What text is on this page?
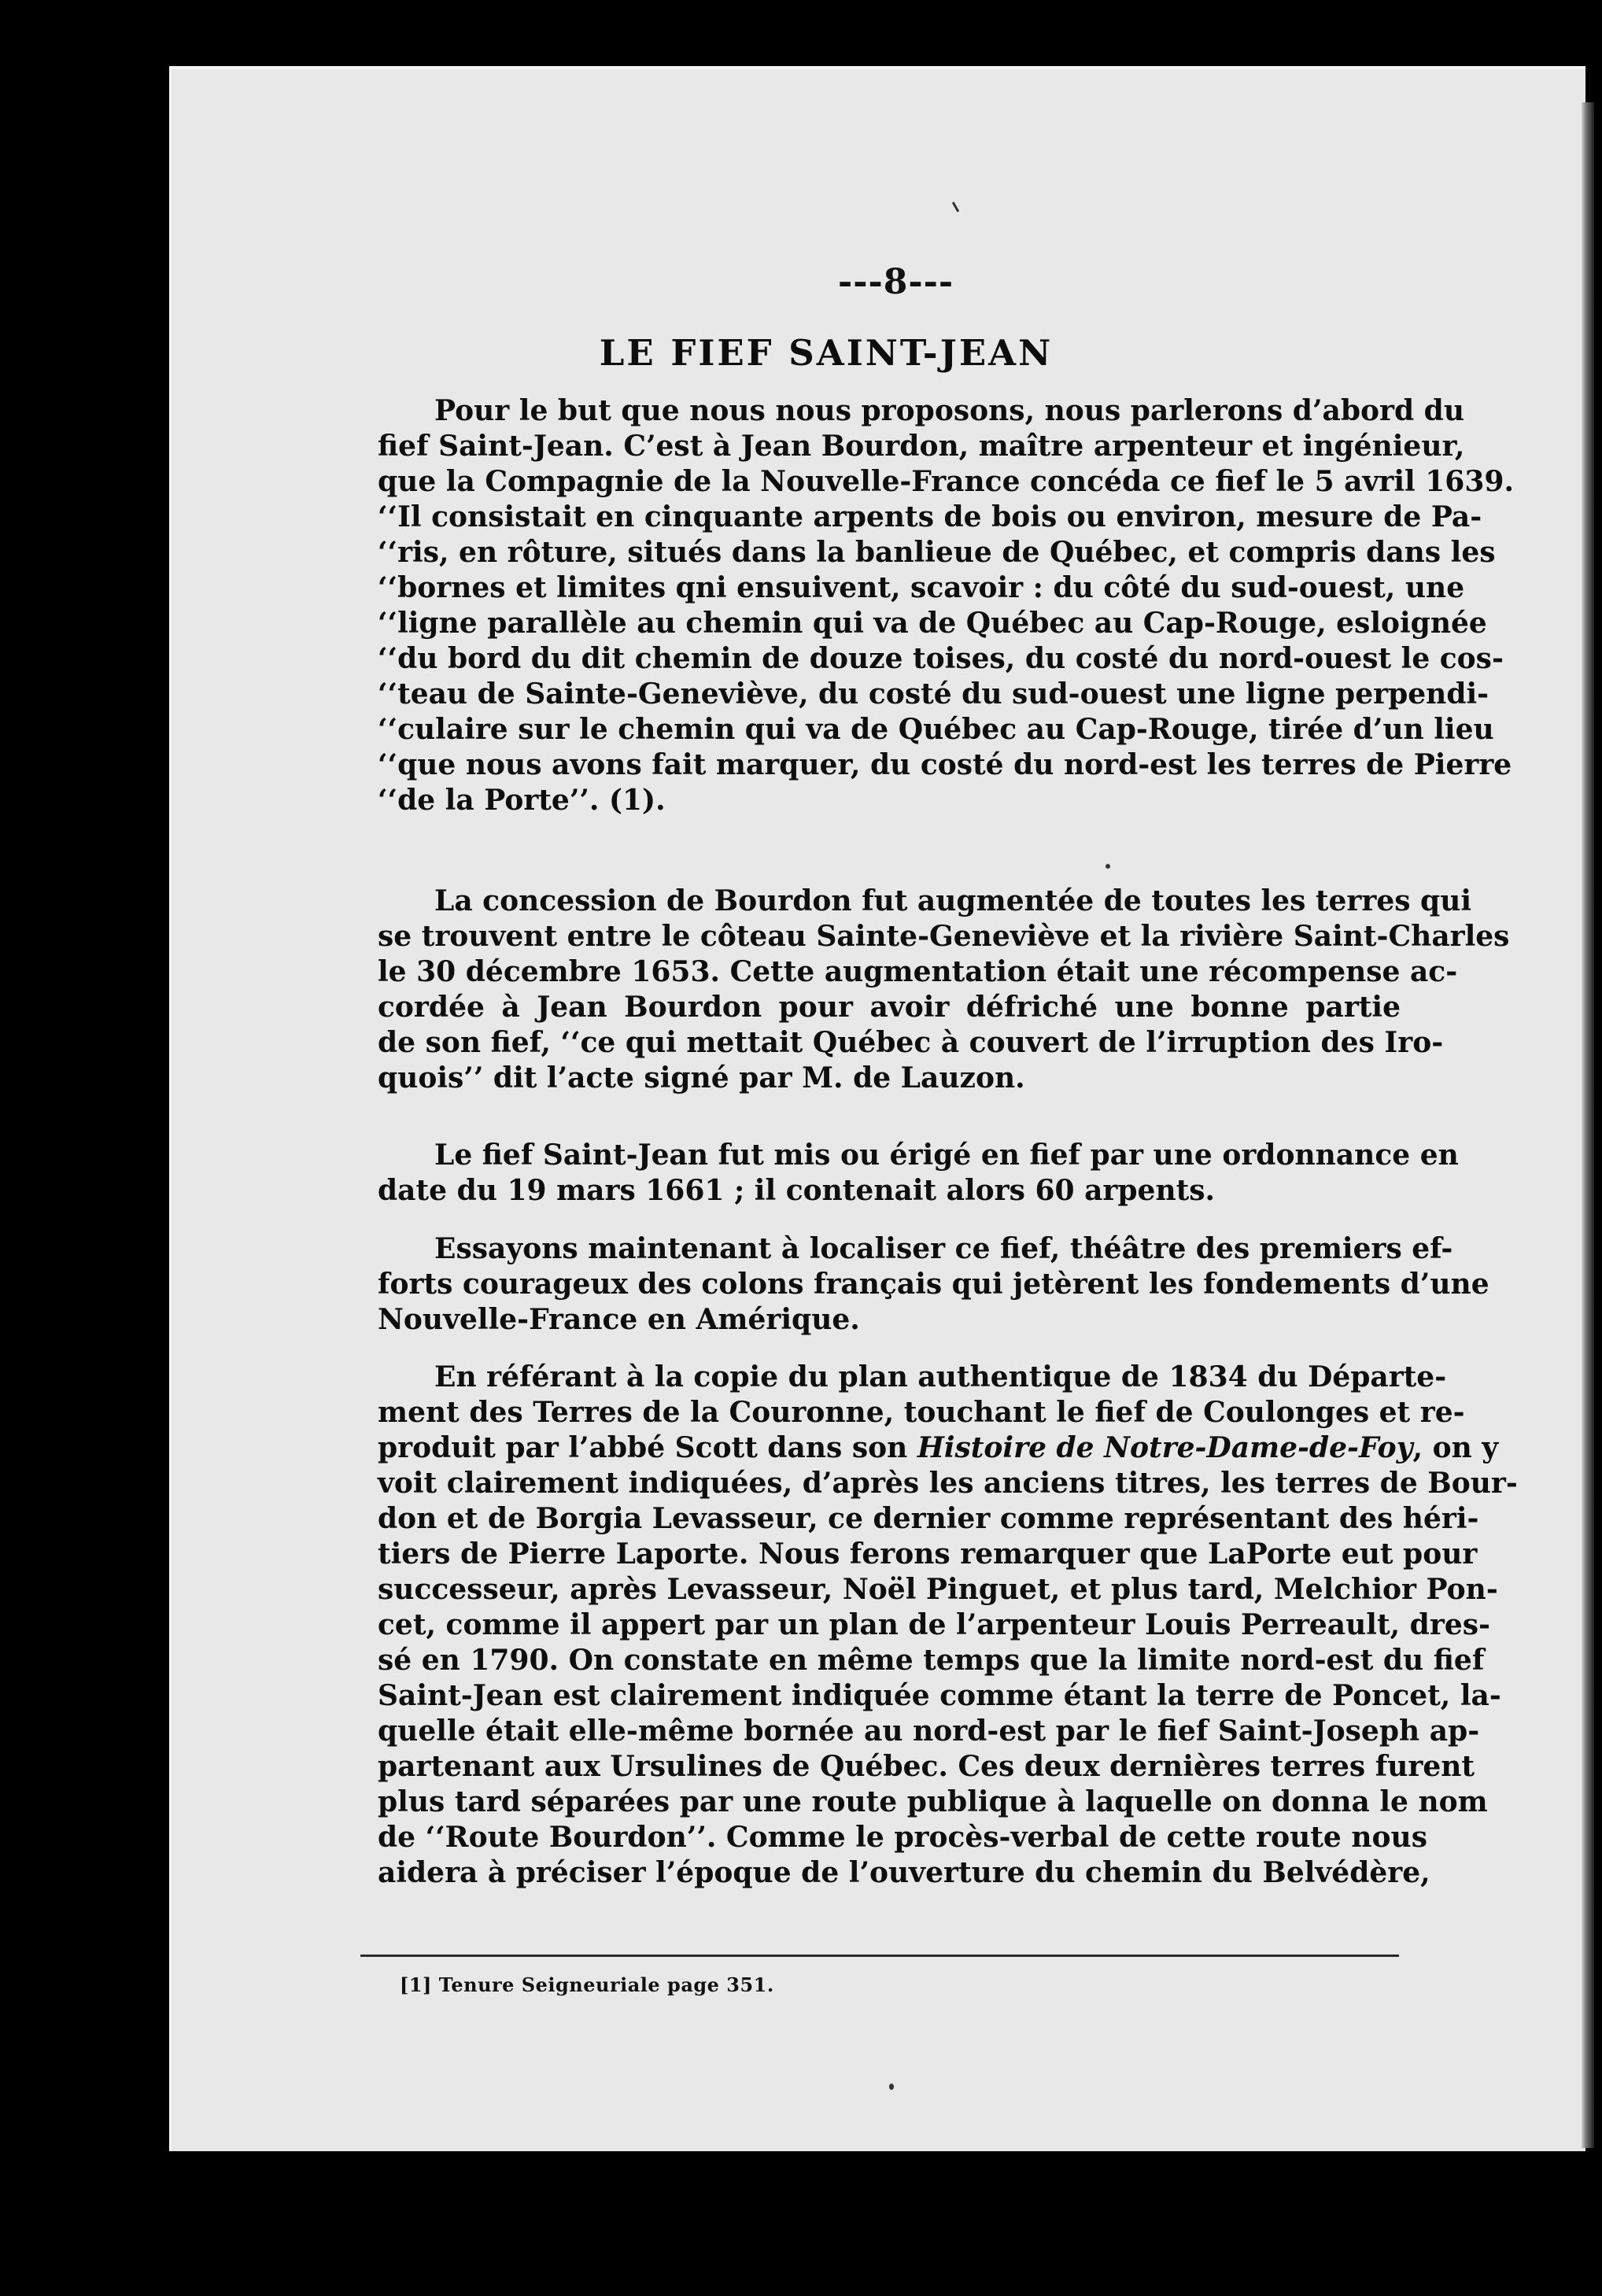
---8---
LE FIEF SAINT-JEAN
Pour le but que nous nous proposons, nous parlerons d’abord du
fief Saint-Jean. C’est à Jean Bourdon, maître arpenteur et ingénieur,
que la Compagnie de la Nouvelle-France concéda ce fief le 5 avril 1639.
‘‘Il consistait en cinquante arpents de bois ou environ, mesure de Pa-
‘‘ris, en rôture, situés dans la banlieue de Québec, et compris dans les
‘‘bornes et limites qni ensuivent, scavoir : du côté du sud-ouest, une
‘‘ligne parallèle au chemin qui va de Québec au Cap-Rouge, esloignée
‘‘du bord du dit chemin de douze toises, du costé du nord-ouest le cos-
‘‘teau de Sainte-Geneviève, du costé du sud-ouest une ligne perpendi-
‘‘culaire sur le chemin qui va de Québec au Cap-Rouge, tirée d’un lieu
‘‘que nous avons fait marquer, du costé du nord-est les terres de Pierre
‘‘de la Porte’’. (1).
La concession de Bourdon fut augmentée de toutes les terres qui
se trouvent entre le côteau Sainte-Geneviève et la rivière Saint-Charles
le 30 décembre 1653. Cette augmentation était une récompense ac-
cordée à Jean Bourdon pour avoir défriché une bonne partie
de son fief, ‘‘ce qui mettait Québec à couvert de l’irruption des Iro-
quois’’ dit l’acte signé par M. de Lauzon.
Le fief Saint-Jean fut mis ou érigé en fief par une ordonnance en
date du 19 mars 1661 ; il contenait alors 60 arpents.
Essayons maintenant à localiser ce fief, théâtre des premiers ef-
forts courageux des colons français qui jetèrent les fondements d’une
Nouvelle-France en Amérique.
En référant à la copie du plan authentique de 1834 du Départe-
ment des Terres de la Couronne, touchant le fief de Coulonges et re-
produit par l’abbé Scott dans son Histoire de Notre-Dame-de-Foy, on y
voit clairement indiquées, d’après les anciens titres, les terres de Bour-
don et de Borgia Levasseur, ce dernier comme représentant des héri-
tiers de Pierre Laporte. Nous ferons remarquer que LaPorte eut pour
successeur, après Levasseur, Noël Pinguet, et plus tard, Melchior Pon-
cet, comme il appert par un plan de l’arpenteur Louis Perreault, dres-
sé en 1790. On constate en même temps que la limite nord-est du fief
Saint-Jean est clairement indiquée comme étant la terre de Poncet, la-
quelle était elle-même bornée au nord-est par le fief Saint-Joseph ap-
partenant aux Ursulines de Québec. Ces deux dernières terres furent
plus tard séparées par une route publique à laquelle on donna le nom
de ‘‘Route Bourdon’’. Comme le procès-verbal de cette route nous
aidera à préciser l’époque de l’ouverture du chemin du Belvédère,
[1] Tenure Seigneuriale page 351.
